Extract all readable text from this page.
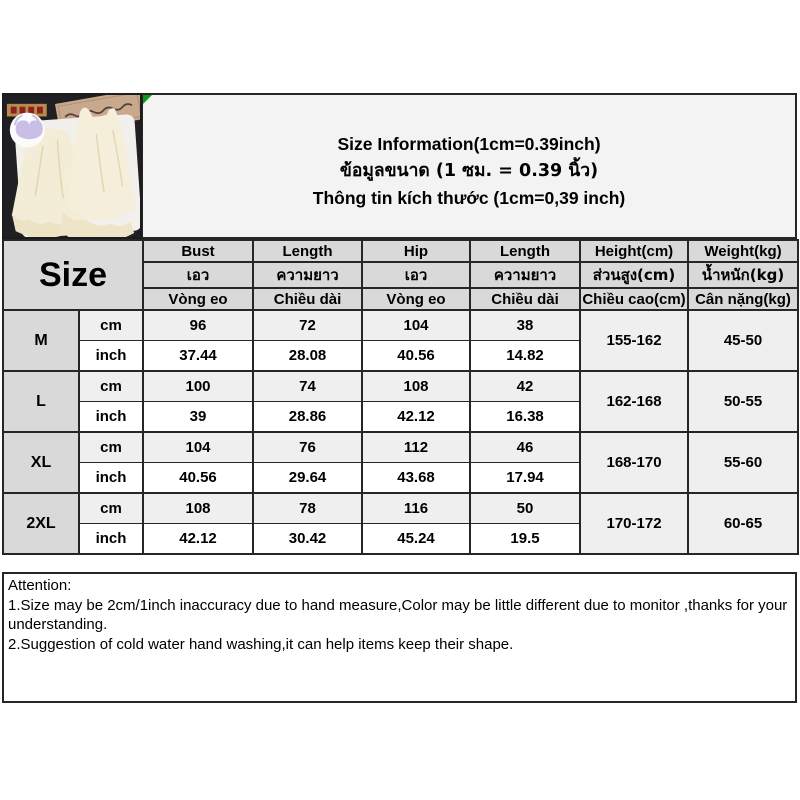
Size Information(1cm=0.39inch)
ข้อมูลขนาด (1 ซม. = 0.39 นิ้ว)
Thông tin kích thước (1cm=0,39 inch)
Size		Bust	Length	Hip	Length	Height(cm)	Weight(kg)
		เอว	ความยาว	เอว	ความยาว	ส่วนสูง(cm)	น้ำหนัก(kg)
		Vòng eo	Chiều dài	Vòng eo	Chiều dài	Chiều cao(cm)	Cân nặng(kg)
M	cm	96	72	104	38	155-162	45-50
	inch	37.44	28.08	40.56	14.82		
L	cm	100	74	108	42	162-168	50-55
	inch	39	28.86	42.12	16.38		
XL	cm	104	76	112	46	168-170	55-60
	inch	40.56	29.64	43.68	17.94		
2XL	cm	108	78	116	50	170-172	60-65
	inch	42.12	30.42	45.24	19.5		
Attention:
1.Size may be 2cm/1inch inaccuracy due to hand measure,Color may be little different due to monitor ,thanks for your understanding.
2.Suggestion of cold water hand washing,it can help items keep their shape.
